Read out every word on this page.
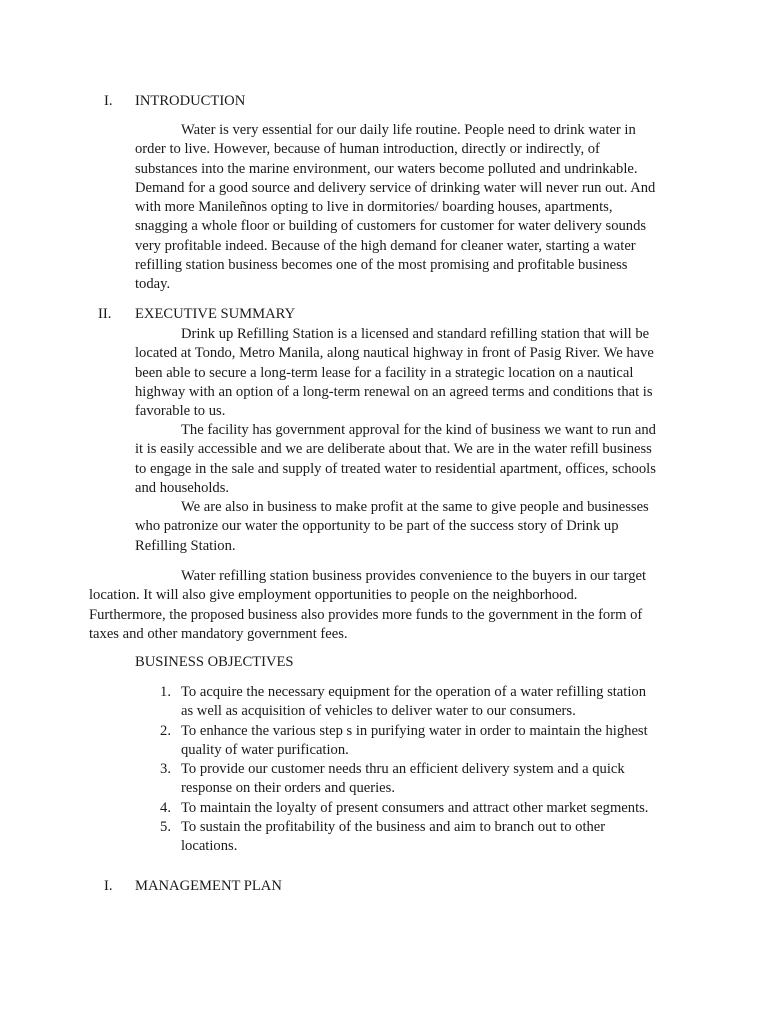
I. INTRODUCTION
Water is very essential for our daily life routine. People need to drink water in
order to live. However, because of human introduction, directly or indirectly, of
substances into the marine environment, our waters become polluted and undrinkable.
Demand for a good source and delivery service of drinking water will never run out. And
with more Manileñnos opting to live in dormitories/ boarding houses, apartments,
snagging a whole floor or building of customers for customer for water delivery sounds
very profitable indeed. Because of the high demand for cleaner water, starting a water
refilling station business becomes one of the most promising and profitable business
today.
II. EXECUTIVE SUMMARY
Drink up Refilling Station is a licensed and standard refilling station that will be
located at Tondo, Metro Manila, along nautical highway in front of Pasig River. We have
been able to secure a long-term lease for a facility in a strategic location on a nautical
highway with an option of a long-term renewal on an agreed terms and conditions that is
favorable to us.
The facility has government approval for the kind of business we want to run and
it is easily accessible and we are deliberate about that. We are in the water refill business
to engage in the sale and supply of treated water to residential apartment, offices, schools
and households.
We are also in business to make profit at the same to give people and businesses
who patronize our water the opportunity to be part of the success story of Drink up
Refilling Station.
Water refilling station business provides convenience to the buyers in our target
location. It will also give employment opportunities to people on the neighborhood.
Furthermore, the proposed business also provides more funds to the government in the form of
taxes and other mandatory government fees.
BUSINESS OBJECTIVES
1. To acquire the necessary equipment for the operation of a water refilling station
as well as acquisition of vehicles to deliver water to our consumers.
2. To enhance the various step s in purifying water in order to maintain the highest
quality of water purification.
3. To provide our customer needs thru an efficient delivery system and a quick
response on their orders and queries.
4. To maintain the loyalty of present consumers and attract other market segments.
5. To sustain the profitability of the business and aim to branch out to other
locations.
I. MANAGEMENT PLAN
